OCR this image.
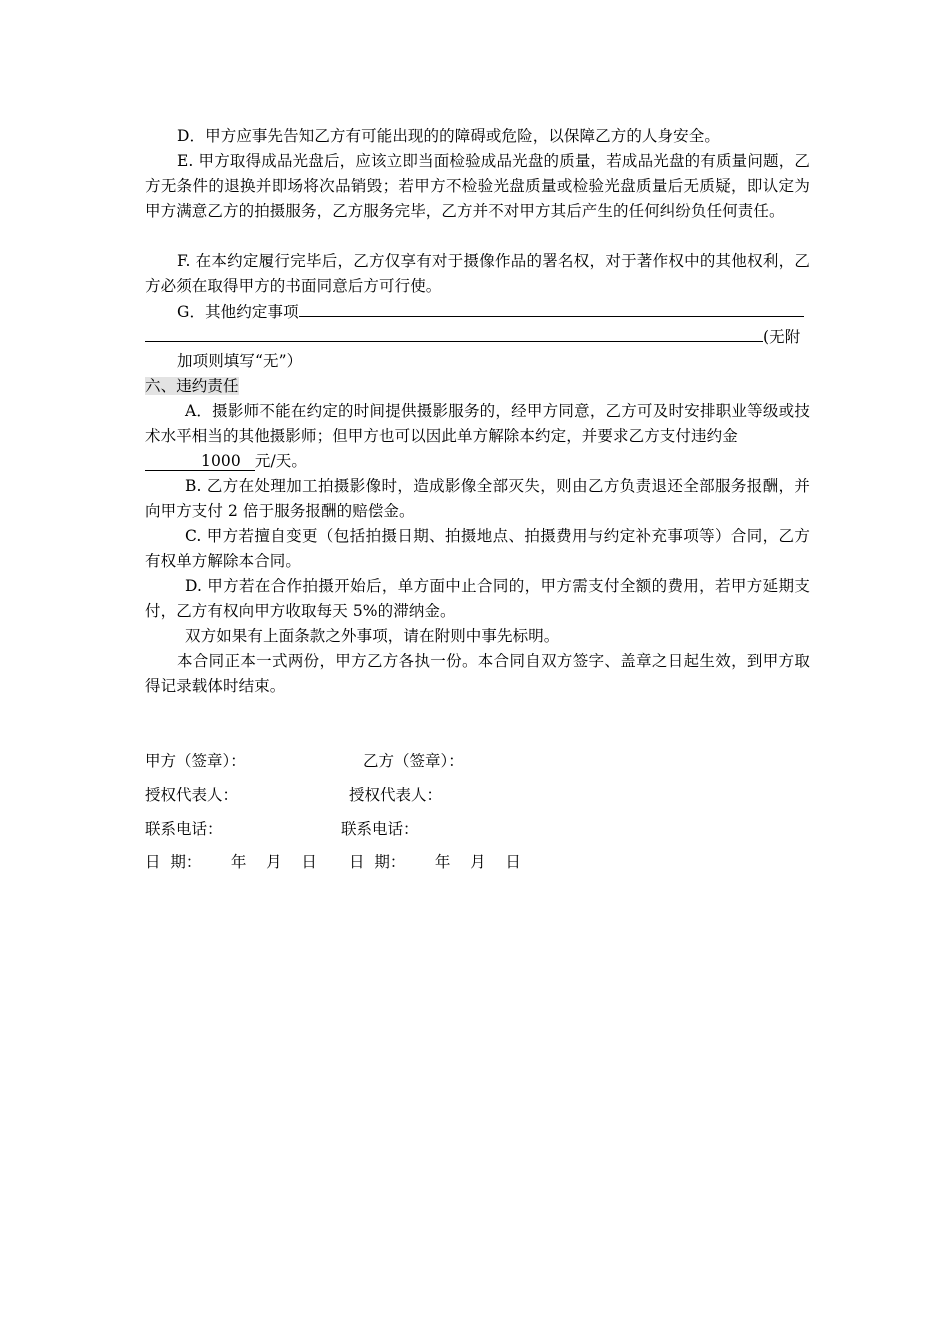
D．甲方应事先告知乙方有可能出现的的障碍或危险，以保障乙方的人身安全。

E. 甲方取得成品光盘后，应该立即当面检验成品光盘的质量，若成品光盘的有质量问题，乙方无条件的退换并即场将次品销毁；若甲方不检验光盘质量或检验光盘质量后无质疑，即认定为甲方满意乙方的拍摄服务，乙方服务完毕，乙方并不对甲方其后产生的任何纠纷负任何责任。

F. 在本约定履行完毕后，乙方仅享有对于摄像作品的署名权，对于著作权中的其他权利，乙方必须在取得甲方的书面同意后方可行使。

G．其他约定事项
(无附
加项则填写“无”）
六、违约责任

A．摄影师不能在约定的时间提供摄影服务的，经甲方同意，乙方可及时安排职业等级或技术水平相当的其他摄影师；但甲方也可以因此单方解除本约定，并要求乙方支付违约金
1000 元/天。

B. 乙方在处理加工拍摄影像时，造成影像全部灭失，则由乙方负责退还全部服务报酬，并向甲方支付 2 倍于服务报酬的赔偿金。

C. 甲方若擅自变更（包括拍摄日期、拍摄地点、拍摄费用与约定补充事项等）合同，乙方有权单方解除本合同。

D. 甲方若在合作拍摄开始后，单方面中止合同的，甲方需支付全额的费用，若甲方延期支付，乙方有权向甲方收取每天 5%的滞纳金。

双方如果有上面条款之外事项，请在附则中事先标明。

本合同正本一式两份，甲方乙方各执一份。本合同自双方签字、盖章之日起生效，到甲方取得记录载体时结束。

甲方（签章）：	乙方（签章）：
授权代表人：	授权代表人：
联系电话：	联系电话：
日  期：      年    月    日 日  期：      年    月    日
